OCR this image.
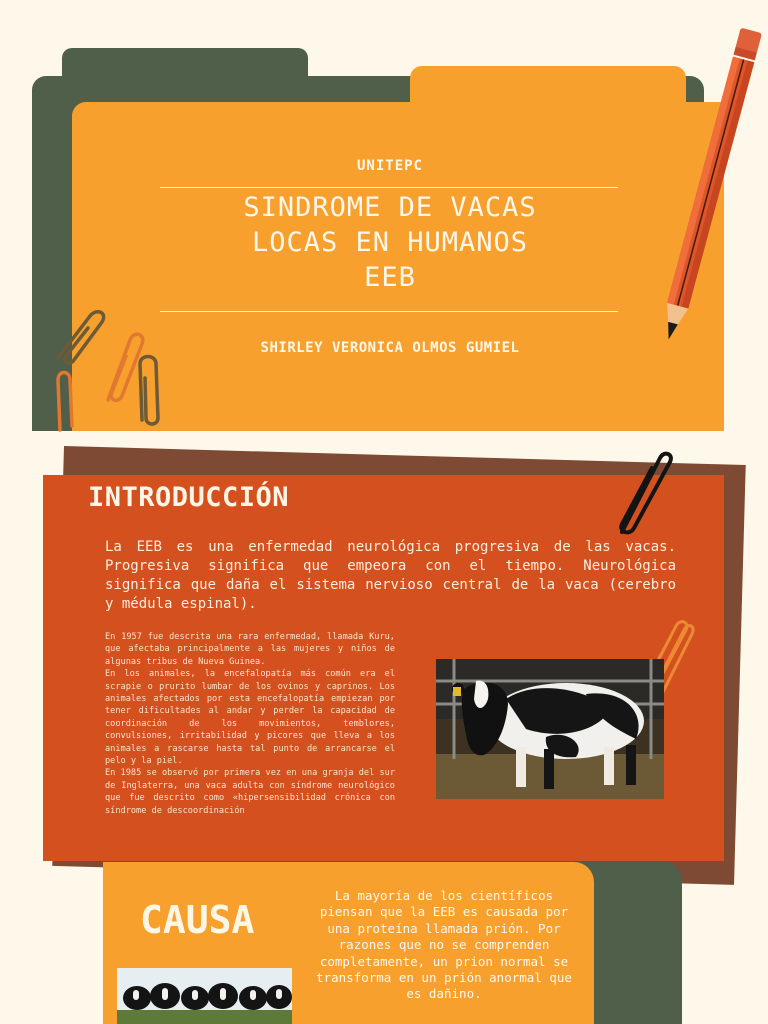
UNITEPC
SINDROME DE VACAS
LOCAS EN HUMANOS
EEB
SHIRLEY VERONICA OLMOS GUMIEL
INTRODUCCIÓN
La EEB es una enfermedad neurológica progresiva de las vacas. Progresiva significa que empeora con el tiempo. Neurológica significa que daña el sistema nervioso central de la vaca (cerebro y médula espinal).

En 1957 fue descrita una rara enfermedad, llamada Kuru, que afectaba principalmente a las mujeres y niños de algunas tribus de Nueva Guinea.

En los animales, la encefalopatía más común era el scrapie o prurito lumbar de los ovinos y caprinos. Los animales afectados por esta encefalopatía empiezan por tener dificultades al andar y perder la capacidad de coordinación de los movimientos, temblores, convulsiones, irritabilidad y picores que lleva a los animales a rascarse hasta tal punto de arrancarse el pelo y la piel.

En 1985 se observó por primera vez en una granja del sur de Inglaterra, una vaca adulta con síndrome neurológico que fue descrito como «hipersensibilidad crónica con síndrome de descoordinación

CAUSA
La mayoría de los científicos piensan que la EEB es causada por una proteína llamada prión. Por razones que no se comprenden completamente, un prion normal se transforma en un prión anormal que es dañino.
